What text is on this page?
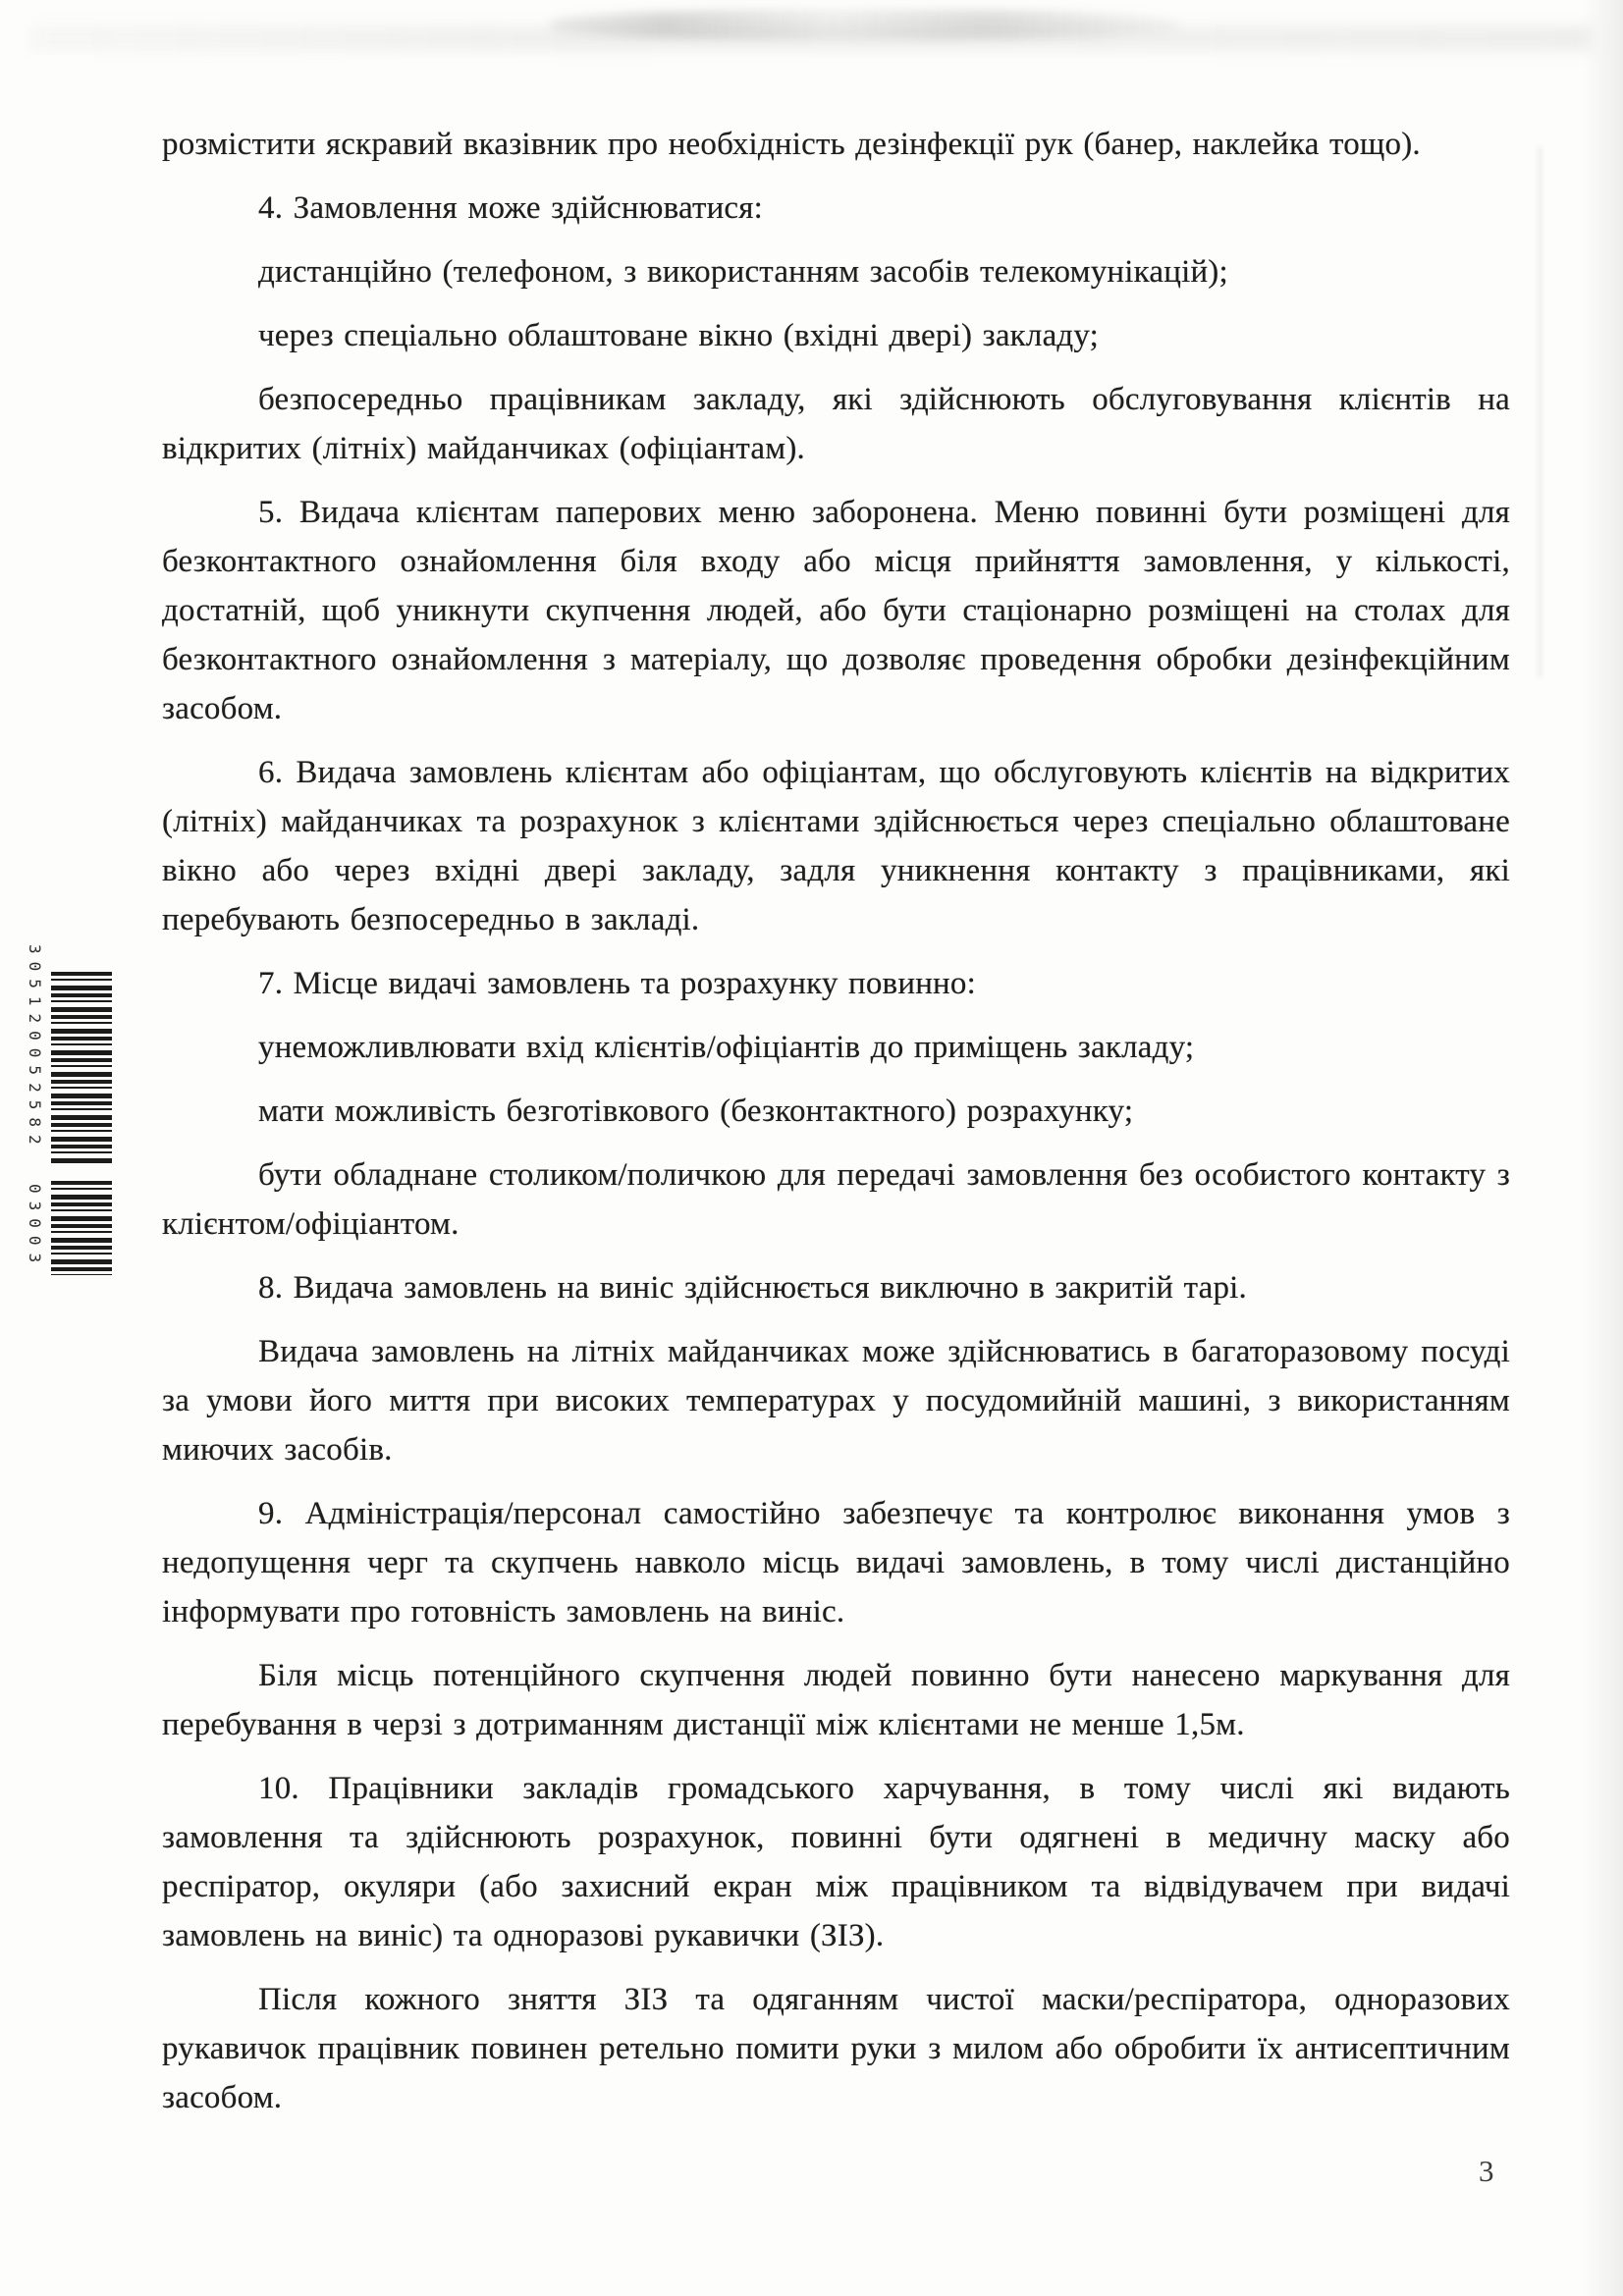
305120052582
03003

розмістити яскравий вказівник про необхідність дезінфекції рук (банер, наклейка тощо).

4. Замовлення може здійснюватися:

дистанційно (телефоном, з використанням засобів телекомунікацій);

через спеціально облаштоване вікно (вхідні двері) закладу;

безпосередньо працівникам закладу, які здійснюють обслуговування клієнтів на відкритих (літніх) майданчиках (офіціантам).

5. Видача клієнтам паперових меню заборонена. Меню повинні бути розміщені для безконтактного ознайомлення біля входу або місця прийняття замовлення, у кількості, достатній, щоб уникнути скупчення людей, або бути стаціонарно розміщені на столах для безконтактного ознайомлення з матеріалу, що дозволяє проведення обробки дезінфекційним засобом.

6. Видача замовлень клієнтам або офіціантам, що обслуговують клієнтів на відкритих (літніх) майданчиках та розрахунок з клієнтами здійснюється через спеціально облаштоване вікно або через вхідні двері закладу, задля уникнення контакту з працівниками, які перебувають безпосередньо в закладі.

7. Місце видачі замовлень та розрахунку повинно:

унеможливлювати вхід клієнтів/офіціантів до приміщень закладу;

мати можливість безготівкового (безконтактного) розрахунку;

бути обладнане столиком/поличкою для передачі замовлення без особистого контакту з клієнтом/офіціантом.

8. Видача замовлень на виніс здійснюється виключно в закритій тарі.

Видача замовлень на літніх майданчиках може здійснюватись в багаторазовому посуді за умови його миття при високих температурах у посудомийній машині, з використанням миючих засобів.

9. Адміністрація/персонал самостійно забезпечує та контролює виконання умов з недопущення черг та скупчень навколо місць видачі замовлень, в тому числі дистанційно інформувати про готовність замовлень на виніс.

Біля місць потенційного скупчення людей повинно бути нанесено маркування для перебування в черзі з дотриманням дистанції між клієнтами не менше 1,5м.

10. Працівники закладів громадського харчування, в тому числі які видають замовлення та здійснюють розрахунок, повинні бути одягнені в медичну маску або респіратор, окуляри (або захисний екран між працівником та відвідувачем при видачі замовлень на виніс) та одноразові рукавички (ЗІЗ).

Після кожного зняття ЗІЗ та одяганням чистої маски/респіратора, одноразових рукавичок працівник повинен ретельно помити руки з милом або обробити їх антисептичним засобом.

3
